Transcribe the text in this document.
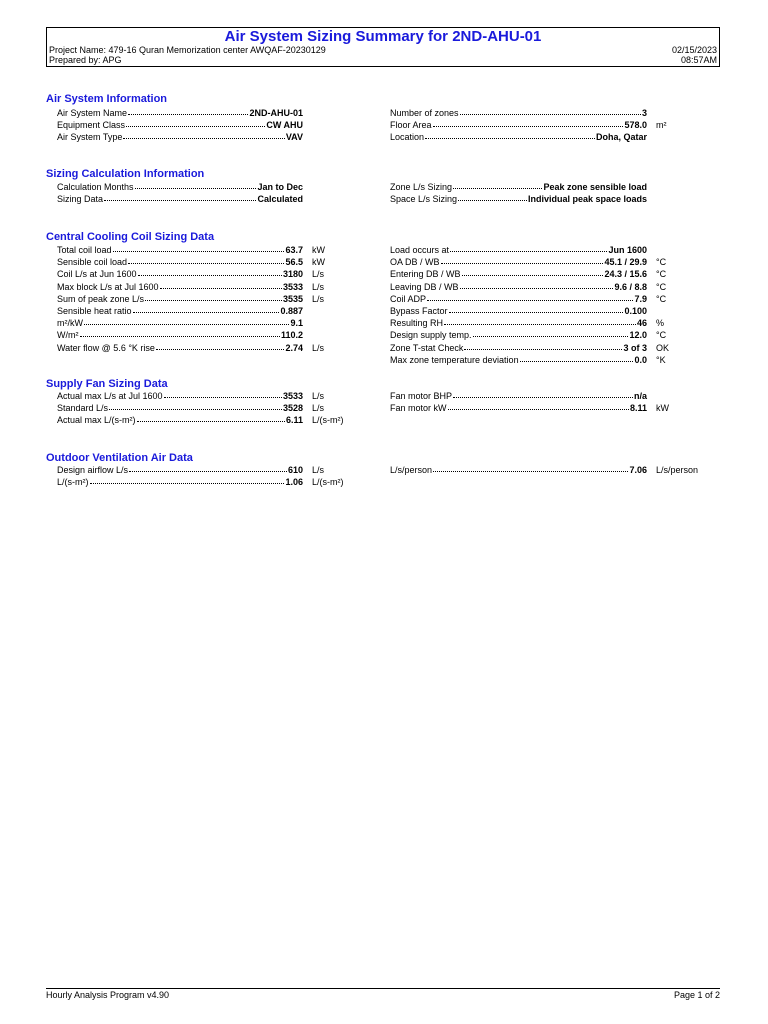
Air System Sizing Summary for 2ND-AHU-01
Project Name: 479-16 Quran Memorization center AWQAF-20230129
Prepared by: APG
02/15/2023
08:57AM
Air System Information
Air System Name	2ND-AHU-01
Equipment Class	CW AHU
Air System Type	VAV
Number of zones	3
Floor Area	578.0 m²
Location	Doha, Qatar
Sizing Calculation Information
Calculation Months	Jan to Dec
Sizing Data	Calculated
Zone L/s Sizing	Peak zone sensible load
Space L/s Sizing	Individual peak space loads
Central Cooling Coil Sizing Data
Total coil load	63.7 kW
Sensible coil load	56.5 kW
Coil L/s at Jun 1600	3180 L/s
Max block L/s at Jul 1600	3533 L/s
Sum of peak zone L/s	3535 L/s
Sensible heat ratio	0.887
m²/kW	9.1
W/m²	110.2
Water flow @ 5.6 °K rise	2.74 L/s
Load occurs at	Jun 1600
OA DB / WB	45.1 / 29.9 °C
Entering DB / WB	24.3 / 15.6 °C
Leaving DB / WB	9.6 / 8.8 °C
Coil ADP	7.9 °C
Bypass Factor	0.100
Resulting RH	46 %
Design supply temp.	12.0 °C
Zone T-stat Check	3 of 3 OK
Max zone temperature deviation	0.0 °K
Supply Fan Sizing Data
Actual max L/s at Jul 1600	3533 L/s
Standard L/s	3528 L/s
Actual max L/(s-m²)	6.11 L/(s-m²)
Fan motor BHP	n/a
Fan motor kW	8.11 kW
Outdoor Ventilation Air Data
Design airflow L/s	610 L/s
L/(s-m²)	1.06 L/(s-m²)
L/s/person	7.06 L/s/person
Hourly Analysis Program v4.90	Page 1 of 2
